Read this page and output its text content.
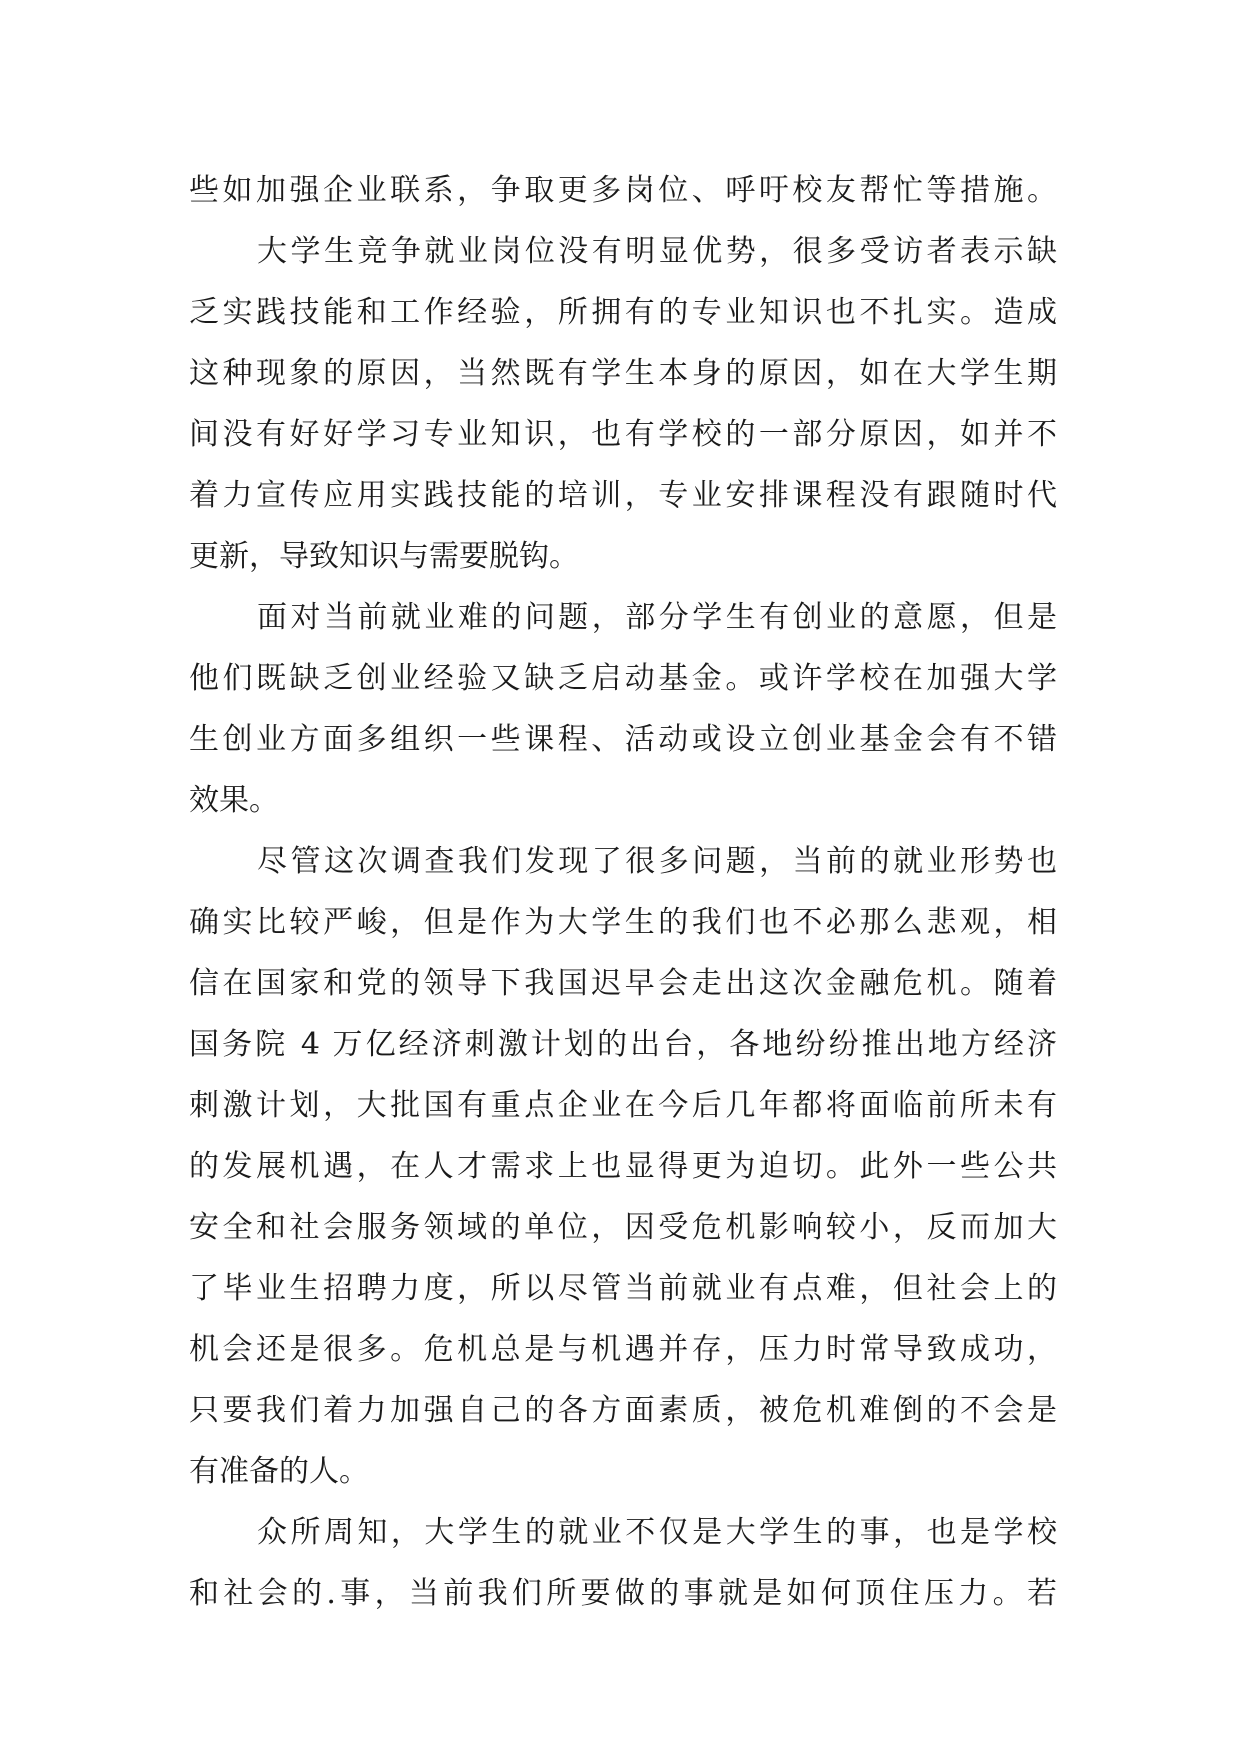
些如加强企业联系，争取更多岗位、呼吁校友帮忙等措施。
大学生竞争就业岗位没有明显优势，很多受访者表示缺
乏实践技能和工作经验，所拥有的专业知识也不扎实。造成
这种现象的原因，当然既有学生本身的原因，如在大学生期
间没有好好学习专业知识，也有学校的一部分原因，如并不
着力宣传应用实践技能的培训，专业安排课程没有跟随时代
更新，导致知识与需要脱钩。
面对当前就业难的问题，部分学生有创业的意愿，但是
他们既缺乏创业经验又缺乏启动基金。或许学校在加强大学
生创业方面多组织一些课程、活动或设立创业基金会有不错
效果。
尽管这次调查我们发现了很多问题，当前的就业形势也
确实比较严峻，但是作为大学生的我们也不必那么悲观，相
信在国家和党的领导下我国迟早会走出这次金融危机。随着
国务院 4 万亿经济刺激计划的出台，各地纷纷推出地方经济
刺激计划，大批国有重点企业在今后几年都将面临前所未有
的发展机遇，在人才需求上也显得更为迫切。此外一些公共
安全和社会服务领域的单位，因受危机影响较小，反而加大
了毕业生招聘力度，所以尽管当前就业有点难，但社会上的
机会还是很多。危机总是与机遇并存，压力时常导致成功，
只要我们着力加强自己的各方面素质，被危机难倒的不会是
有准备的人。
众所周知，大学生的就业不仅是大学生的事，也是学校
和社会的.事，当前我们所要做的事就是如何顶住压力。若
